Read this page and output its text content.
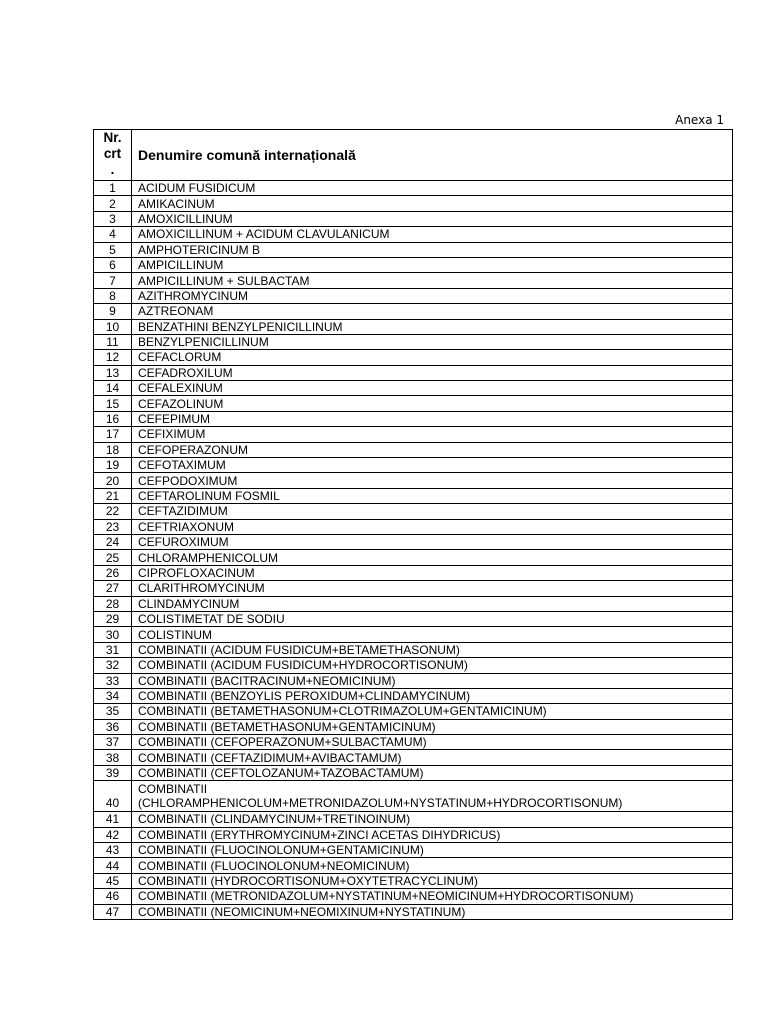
Anexa 1
Nr.
crt
.	Denumire comună internațională
1	ACIDUM FUSIDICUM
2	AMIKACINUM
3	AMOXICILLINUM
4	AMOXICILLINUM + ACIDUM CLAVULANICUM
5	AMPHOTERICINUM B
6	AMPICILLINUM
7	AMPICILLINUM + SULBACTAM
8	AZITHROMYCINUM
9	AZTREONAM
10	BENZATHINI BENZYLPENICILLINUM
11	BENZYLPENICILLINUM
12	CEFACLORUM
13	CEFADROXILUM
14	CEFALEXINUM
15	CEFAZOLINUM
16	CEFEPIMUM
17	CEFIXIMUM
18	CEFOPERAZONUM
19	CEFOTAXIMUM
20	CEFPODOXIMUM
21	CEFTAROLINUM FOSMIL
22	CEFTAZIDIMUM
23	CEFTRIAXONUM
24	CEFUROXIMUM
25	CHLORAMPHENICOLUM
26	CIPROFLOXACINUM
27	CLARITHROMYCINUM
28	CLINDAMYCINUM
29	COLISTIMETAT DE SODIU
30	COLISTINUM
31	COMBINATII (ACIDUM FUSIDICUM+BETAMETHASONUM)
32	COMBINATII (ACIDUM FUSIDICUM+HYDROCORTISONUM)
33	COMBINATII (BACITRACINUM+NEOMICINUM)
34	COMBINATII (BENZOYLIS PEROXIDUM+CLINDAMYCINUM)
35	COMBINATII (BETAMETHASONUM+CLOTRIMAZOLUM+GENTAMICINUM)
36	COMBINATII (BETAMETHASONUM+GENTAMICINUM)
37	COMBINATII (CEFOPERAZONUM+SULBACTAMUM)
38	COMBINATII (CEFTAZIDIMUM+AVIBACTAMUM)
39	COMBINATII (CEFTOLOZANUM+TAZOBACTAMUM)
40	COMBINATII
(CHLORAMPHENICOLUM+METRONIDAZOLUM+NYSTATINUM+HYDROCORTISONUM)

41	COMBINATII (CLINDAMYCINUM+TRETINOINUM)
42	COMBINATII (ERYTHROMYCINUM+ZINCI ACETAS DIHYDRICUS)
43	COMBINATII (FLUOCINOLONUM+GENTAMICINUM)
44	COMBINATII (FLUOCINOLONUM+NEOMICINUM)
45	COMBINATII (HYDROCORTISONUM+OXYTETRACYCLINUM)
46	COMBINATII (METRONIDAZOLUM+NYSTATINUM+NEOMICINUM+HYDROCORTISONUM)
47	COMBINATII (NEOMICINUM+NEOMIXINUM+NYSTATINUM)
